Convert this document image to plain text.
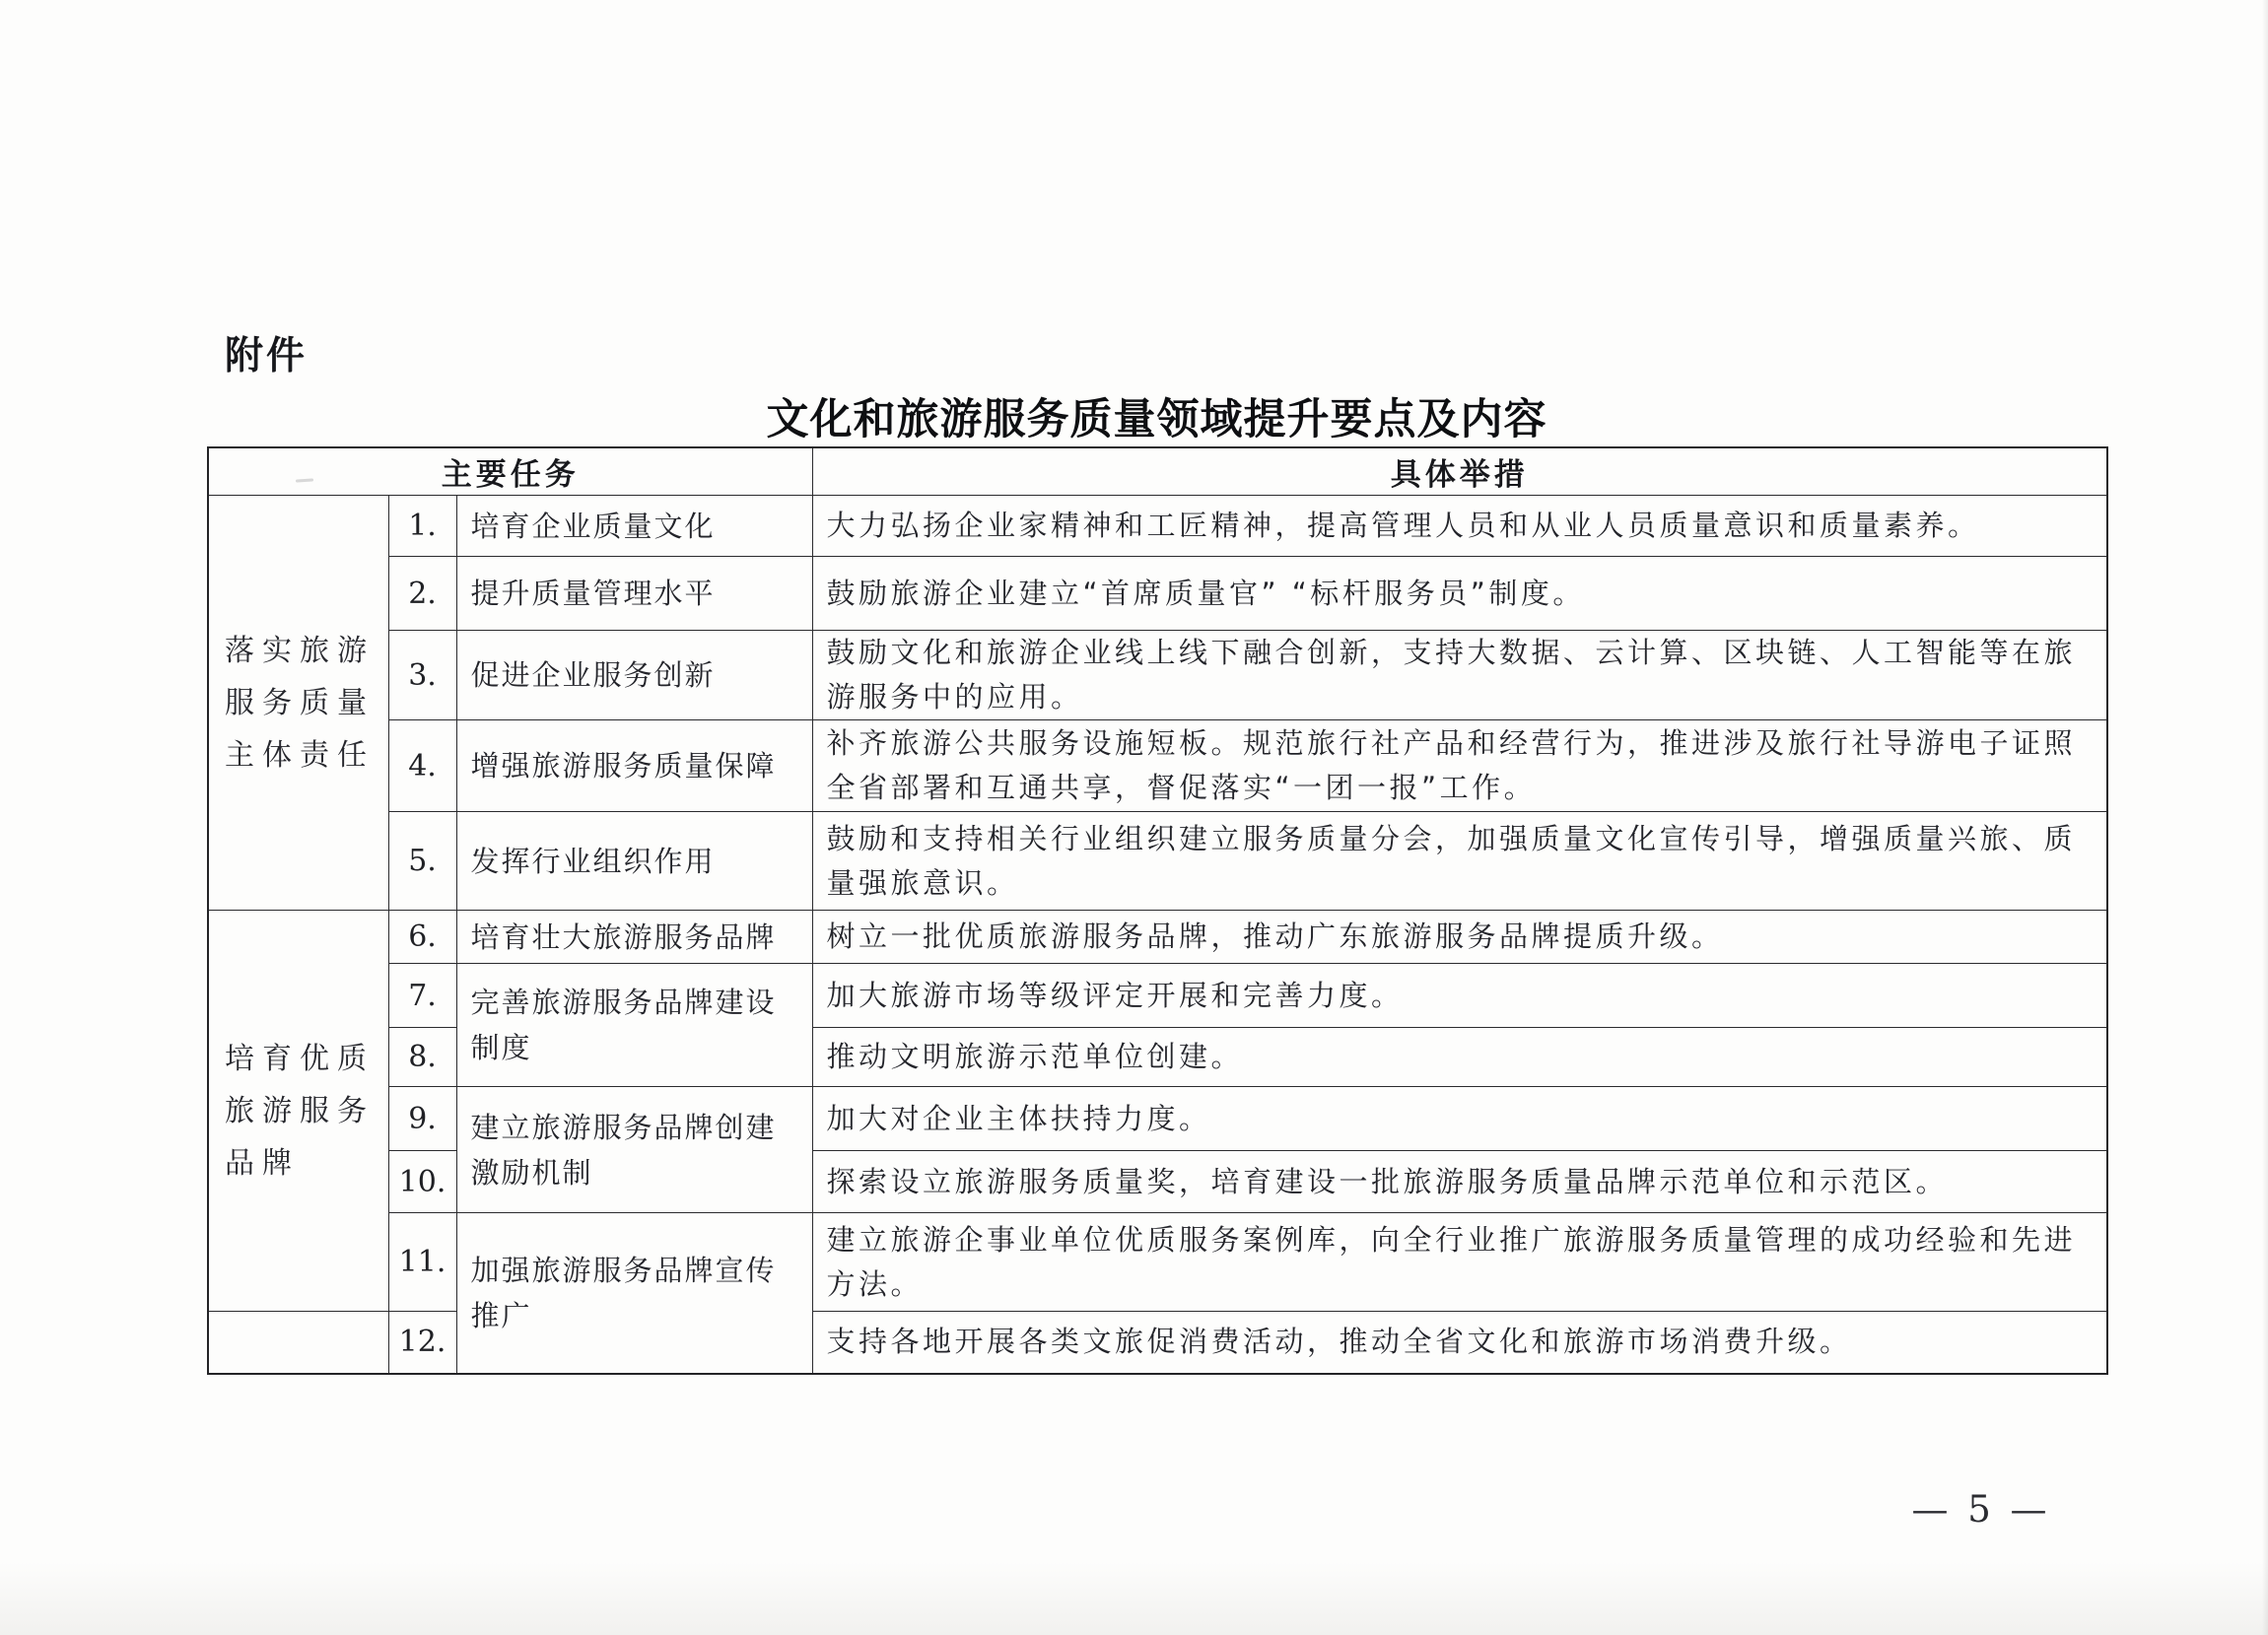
附件
文化和旅游服务质量领域提升要点及内容
主要任务			具体举措
落实旅游服务质量主体责任	1.	培育企业质量文化	大力弘扬企业家精神和工匠精神，提高管理人员和从业人员质量意识和质量素养。
	2.	提升质量管理水平	鼓励旅游企业建立“首席质量官” “标杆服务员”制度。
	3.	促进企业服务创新	鼓励文化和旅游企业线上线下融合创新，支持大数据、云计算、区块链、人工智能等在旅游服务中的应用。
	4.	增强旅游服务质量保障	补齐旅游公共服务设施短板。规范旅行社产品和经营行为，推进涉及旅行社导游电子证照全省部署和互通共享，督促落实“一团一报”工作。
	5.	发挥行业组织作用	鼓励和支持相关行业组织建立服务质量分会，加强质量文化宣传引导，增强质量兴旅、质量强旅意识。
培育优质旅游服务品牌	6.	培育壮大旅游服务品牌	树立一批优质旅游服务品牌，推动广东旅游服务品牌提质升级。
	7.	完善旅游服务品牌建设制度	加大旅游市场等级评定开展和完善力度。
	8.		推动文明旅游示范单位创建。
	9.	建立旅游服务品牌创建激励机制	加大对企业主体扶持力度。
	10.		探索设立旅游服务质量奖，培育建设一批旅游服务质量品牌示范单位和示范区。
	11.	加强旅游服务品牌宣传推广	建立旅游企事业单位优质服务案例库，向全行业推广旅游服务质量管理的成功经验和先进方法。
	12.		支持各地开展各类文旅促消费活动，推动全省文化和旅游市场消费升级。
— 5 —
